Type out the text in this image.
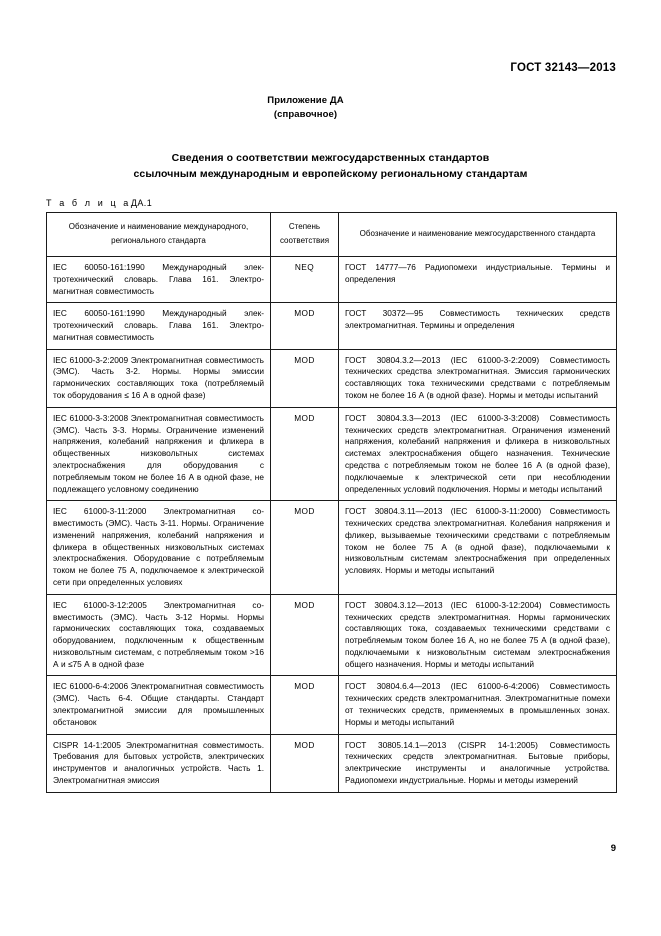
ГОСТ 32143—2013
Приложение ДА
(справочное)
Сведения о соответствии межгосударственных стандартов
ссылочным международным и европейскому региональному стандартам
Т а б л и ц аДА.1
Обозначение и наименование международного, регионального стандарта	Степень соответствия	Обозначение и наименование межгосударственного стандарта
IEC 60050-161:1990 Международный электротехнический словарь. Глава 161. Электромагнитная совместимость	NEQ	ГОСТ 14777—76 Радиопомехи индустриальные. Термины и определения
IEC 60050-161:1990 Международный электротехнический словарь. Глава 161. Электромагнитная совместимость	MOD	ГОСТ 30372—95 Совместимость технических средств электромагнитная. Термины и определения
IEC 61000-3-2:2009 Электромагнитная совместимость (ЭМС). Часть 3-2. Нормы. Нормы эмиссии гармонических составляющих тока (потребляемый ток оборудования ≤ 16 А в одной фазе)	MOD	ГОСТ 30804.3.2—2013 (IEC 61000-3-2:2009) Совместимость технических средства электромагнитная. Эмиссия гармонических составляющих тока техническими средствами с потребляемым током не более 16 А (в одной фазе). Нормы и методы испытаний
IEC 61000-3-3:2008 Электромагнитная совместимость (ЭМС). Часть 3-3. Нормы. Ограничение изменений напряжения, колебаний напряжения и фликера в общественных низковольтных системах электроснабжения для оборудования с потребляемым током не более 16 А в одной фазе, не подлежащего условному соединению	MOD	ГОСТ 30804.3.3—2013 (IEC 61000-3-3:2008) Совместимость технических средств электромагнитная. Ограничения изменений напряжения, колебаний напряжения и фликера в низковольтных системах электроснабжения общего назначения. Технические средства с потребляемым током не более 16 А (в одной фазе), подключаемые к электрической сети при несоблюдении определенных условий подключения. Нормы и методы испытаний
IEC 61000-3-11:2000 Электромагнитная совместимость (ЭМС). Часть 3-11. Нормы. Ограничение изменений напряжения, колебаний напряжения и фликера в общественных низковольтных системах электроснабжения. Оборудование с потребляемым током не более 75 А, подключаемое к электрической сети при определенных условиях	MOD	ГОСТ 30804.3.11—2013 (IEC 61000-3-11:2000) Совместимость технических средства электромагнитная. Колебания напряжения и фликер, вызываемые техническими средствами с потребляемым током не более 75 А (в одной фазе), подключаемыми к низковольтным системам электроснабжения при определенных условиях. Нормы и методы испытаний
IEC 61000-3-12:2005 Электромагнитная совместимость (ЭМС). Часть 3-12 Нормы. Нормы гармонических составляющих тока, создаваемых оборудованием, подключенным к общественным низковольтным системам, с потребляемым током >16 А и ≤75 А в одной фазе	MOD	ГОСТ 30804.3.12—2013 (IEC 61000-3-12:2004) Совместимость технических средств электромагнитная. Нормы гармонических составляющих тока, создаваемых техническими средствами с потребляемым током более 16 А, но не более 75 А (в одной фазе), подключаемыми к низковольтным системам электроснабжения общего назначения. Нормы и методы испытаний
IEC 61000-6-4:2006 Электромагнитная совместимость (ЭМС). Часть 6-4. Общие стандарты. Стандарт электромагнитной эмиссии для промышленных обстановок	MOD	ГОСТ 30804.6.4—2013 (IEC 61000-6-4:2006) Совместимость технических средств электромагнитная. Электромагнитные помехи от технических средств, применяемых в промышленных зонах. Нормы и методы испытаний
CISPR 14-1:2005 Электромагнитная совместимость. Требования для бытовых устройств, электрических инструментов и аналогичных устройств. Часть 1. Электромагнитная эмиссия	MOD	ГОСТ 30805.14.1—2013 (CISPR 14-1:2005) Совместимость технических средств электромагнитная. Бытовые приборы, электрические инструменты и аналогичные устройства. Радиопомехи индустриальные. Нормы и методы измерений
9
